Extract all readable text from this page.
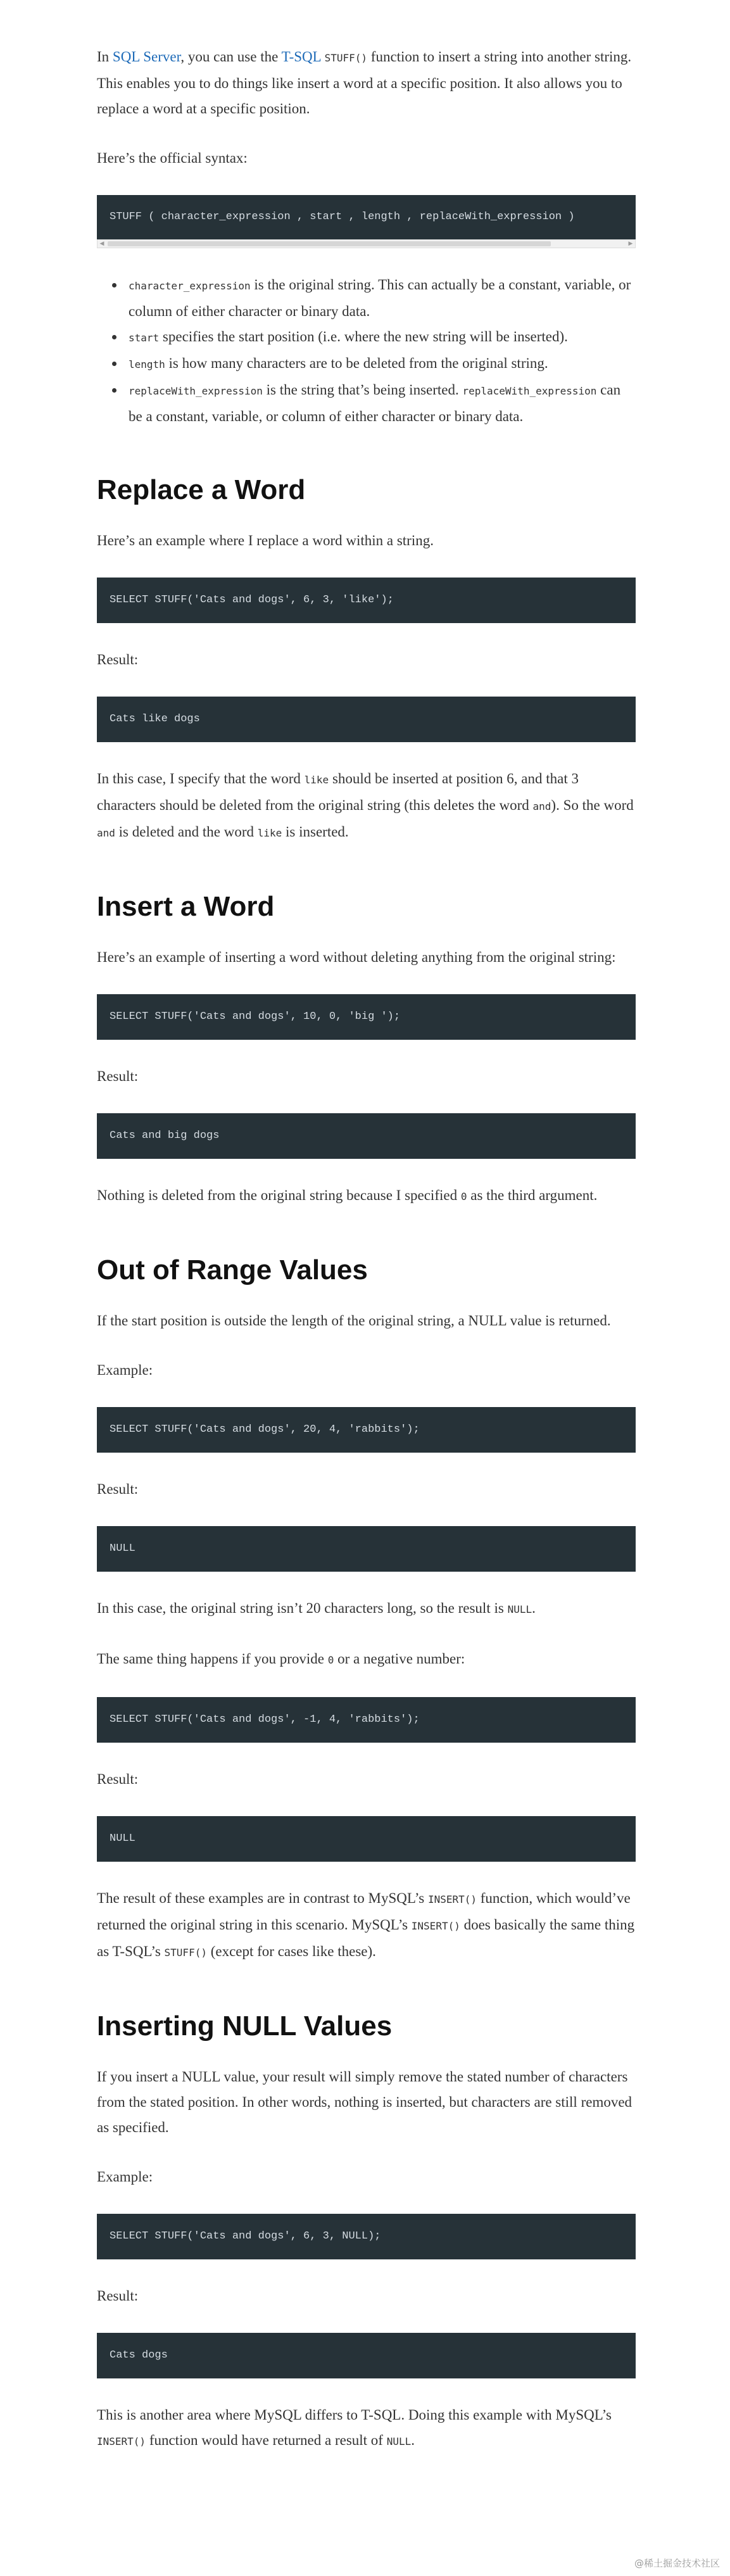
In SQL Server, you can use the T-SQL STUFF() function to insert a string into another string. This enables you to do things like insert a word at a specific position. It also allows you to replace a word at a specific position.

Here’s the official syntax:

STUFF ( character_expression , start , length , replaceWith_expression )
◀	▶
character_expression is the original string. This can actually be a constant, variable, or column of either character or binary data.
start specifies the start position (i.e. where the new string will be inserted).
length is how many characters are to be deleted from the original string.
replaceWith_expression is the string that’s being inserted. replaceWith_expression can be a constant, variable, or column of either character or binary data.
Replace a Word

Here’s an example where I replace a word within a string.

SELECT STUFF('Cats and dogs', 6, 3, 'like');

Result:

Cats like dogs

In this case, I specify that the word like should be inserted at position 6, and that 3 characters should be deleted from the original string (this deletes the word and). So the word and is deleted and the word like is inserted.

Insert a Word

Here’s an example of inserting a word without deleting anything from the original string:

SELECT STUFF('Cats and dogs', 10, 0, 'big ');

Result:

Cats and big dogs

Nothing is deleted from the original string because I specified 0 as the third argument.

Out of Range Values

If the start position is outside the length of the original string, a NULL value is returned.

Example:

SELECT STUFF('Cats and dogs', 20, 4, 'rabbits');

Result:

NULL

In this case, the original string isn’t 20 characters long, so the result is NULL.

The same thing happens if you provide 0 or a negative number:

SELECT STUFF('Cats and dogs', -1, 4, 'rabbits');

Result:

NULL

The result of these examples are in contrast to MySQL’s INSERT() function, which would’ve returned the original string in this scenario. MySQL’s INSERT() does basically the same thing as T-SQL’s STUFF() (except for cases like these).

Inserting NULL Values

If you insert a NULL value, your result will simply remove the stated number of characters from the stated position. In other words, nothing is inserted, but characters are still removed as specified.

Example:

SELECT STUFF('Cats and dogs', 6, 3, NULL);

Result:

Cats dogs

This is another area where MySQL differs to T-SQL. Doing this example with MySQL’s INSERT() function would have returned a result of NULL.

@稀土掘金技术社区
